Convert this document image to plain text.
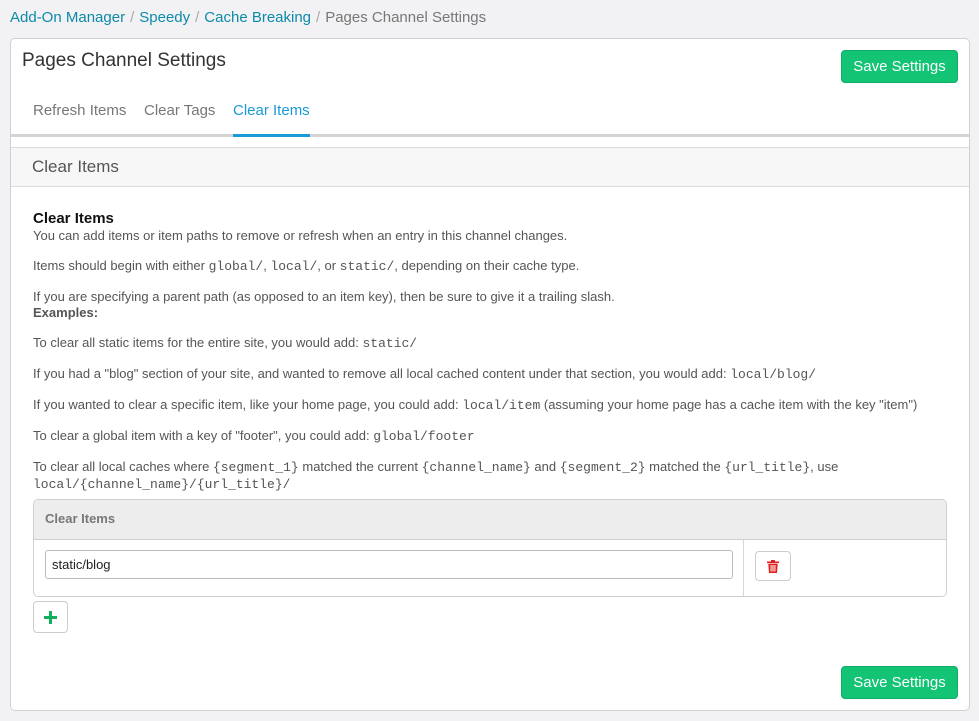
Add-On Manager / Speedy / Cache Breaking / Pages Channel Settings
Pages Channel Settings	Save Settings
Refresh Items Clear Tags Clear Items
Clear Items

Clear Items

You can add items or item paths to remove or refresh when an entry in this channel changes.

Items should begin with either global/, local/, or static/, depending on their cache type.

If you are specifying a parent path (as opposed to an item key), then be sure to give it a trailing slash.

Examples:

To clear all static items for the entire site, you would add: static/

If you had a "blog" section of your site, and wanted to remove all local cached content under that section, you would add: local/blog/

If you wanted to clear a specific item, like your home page, you could add: local/item (assuming your home page has a cache item with the key "item")

To clear a global item with a key of "footer", you could add: global/footer

To clear all local caches where {segment_1} matched the current {channel_name} and {segment_2} matched the {url_title}, use
local/{channel_name}/{url_title}/

Clear Items
static/blog
Save Settings
